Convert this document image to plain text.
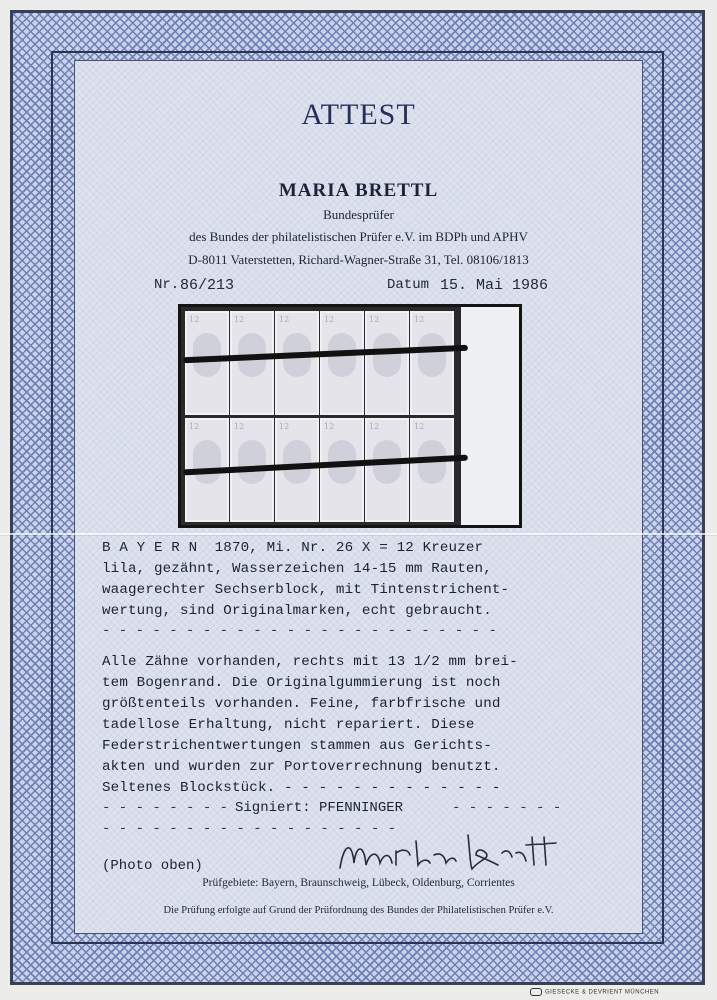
ATTEST
MARIA BRETTL
Bundesprüfer
des Bundes der philatelistischen Prüfer e.V. im BDPh und APHV
D-8011 Vaterstetten, Richard-Wagner-Straße 31, Tel. 08106/1813
Nr. 86/213	Datum 15. Mai 1986
12
12
12
12
12
12
12
12
12
12
12
12
B A Y E R N  1870, Mi. Nr. 26 X = 12 Kreuzer
lila, gezähnt, Wasserzeichen 14-15 mm Rauten,
waagerechter Sechserblock, mit Tintenstrichent-
wertung, sind Originalmarken, echt gebraucht.
- - - - - - - - - - - - - - - - - - - - - - - -
Alle Zähne vorhanden, rechts mit 13 1/2 mm brei-
tem Bogenrand. Die Originalgummierung ist noch
größtenteils vorhanden. Feine, farbfrische und
tadellose Erhaltung, nicht repariert. Diese
Federstrichentwertungen stammen aus Gerichts-
akten und wurden zur Portoverrechnung benutzt.
Seltenes Blockstück. - - - - - - - - - - - - -
- - - - - - - - Signiert: PFENNINGER	- - - - - - -
- - - - - - - - - - - - - - - - - -
(Photo oben)
Prüfgebiete: Bayern, Braunschweig, Lübeck, Oldenburg, Corrientes
Die Prüfung erfolgte auf Grund der Prüfordnung des Bundes der Philatelistischen Prüfer e.V.
GIESECKE & DEVRIENT MÜNCHEN
